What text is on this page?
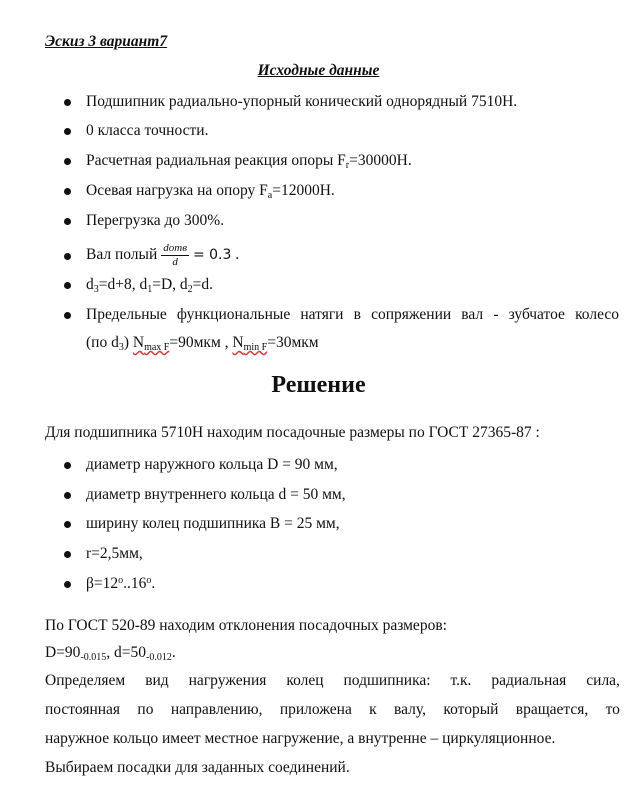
Эскиз 3 вариант7
Исходные данные
Подшипник радиально-упорный конический однорядный 7510Н.
0 класса точности.
Расчетная радиальная реакция опоры $F_r=30000Н$.
Осевая нагрузка на опору $F_a=12000Н$.
Перегрузка до 300%.
Вал полый $\frac{\text{dотв}}{d} = 0.3$ .
$d_3=d+8$, $d_1=D$, $d_2=d$.
Предельные функциональные натяги в сопряжении вал - зубчатое колесо
(по $d_3$) $N_{max F}=90мкм$ , $N_{min F}=30мкм$
Решение
Для подшипника 5710Н находим посадочные размеры по ГОСТ 27365-87 :
диаметр наружного кольца D = 90 мм,
диаметр внутреннего кольца d = 50 мм,
ширину колец подшипника В = 25 мм,
r=2,5мм,
$\beta=12^о..16^о$.
По ГОСТ 520-89 находим отклонения посадочных размеров:
$D=90_{-0.015}$, $d=50_{-0.012}$.
Определяем вид нагружения колец подшипника: т.к. радиальная сила,
постоянная по направлению, приложена к валу, который вращается, то
наружное кольцо имеет местное нагружение, а внутренне – циркуляционное.
Выбираем посадки для заданных соединений.
